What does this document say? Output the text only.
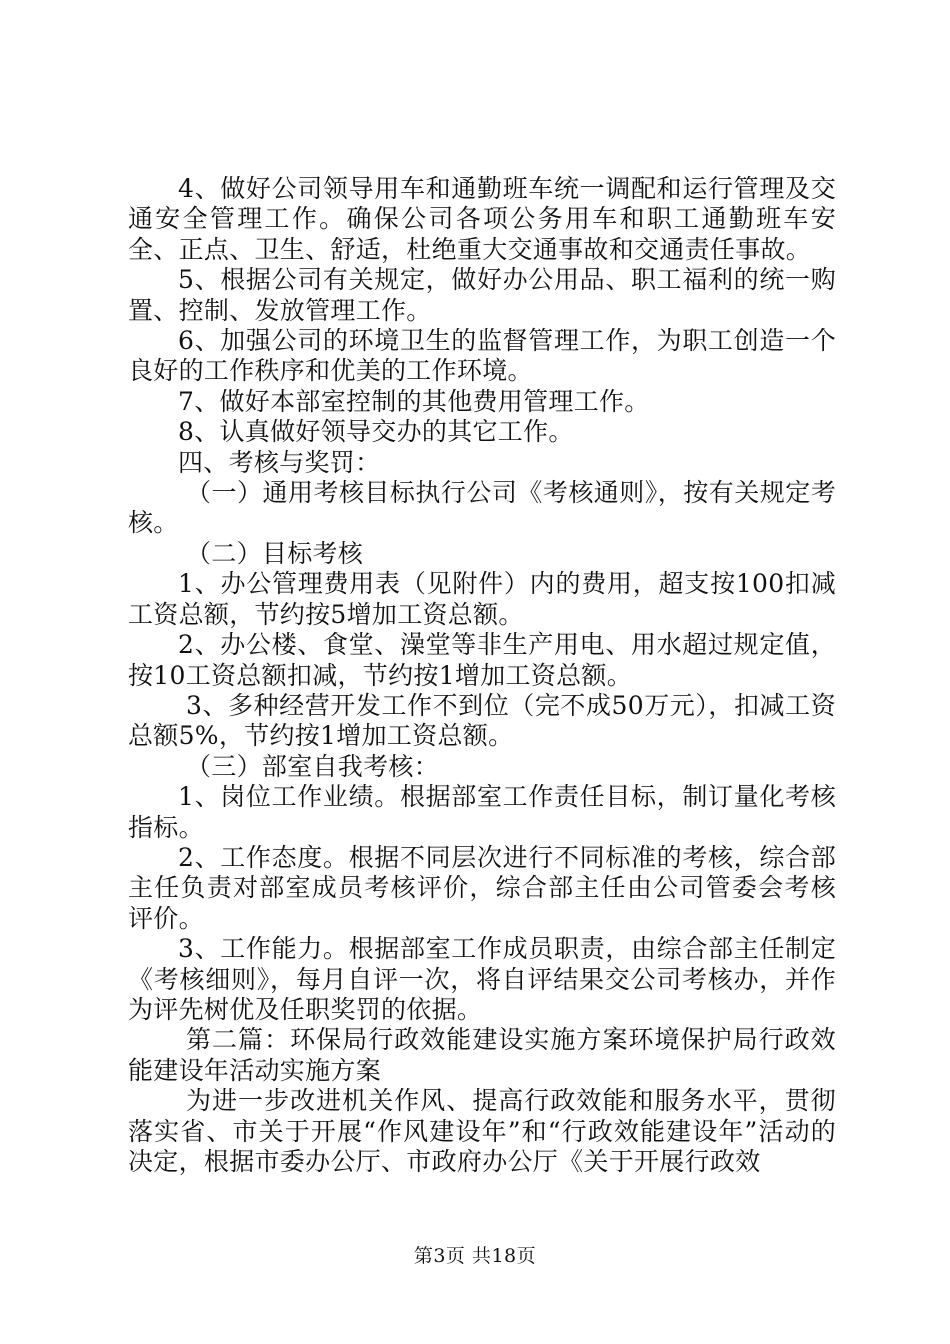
4、做好公司领导用车和通勤班车统一调配和运行管理及交通安全管理工作。确保公司各项公务用车和职工通勤班车安全、正点、卫生、舒适，杜绝重大交通事故和交通责任事故。

5、根据公司有关规定，做好办公用品、职工福利的统一购置、控制、发放管理工作。

6、加强公司的环境卫生的监督管理工作，为职工创造一个良好的工作秩序和优美的工作环境。

7、做好本部室控制的其他费用管理工作。

8、认真做好领导交办的其它工作。

四、考核与奖罚：

（一）通用考核目标执行公司《考核通则》，按有关规定考核。

（二）目标考核

1、办公管理费用表（见附件）内的费用，超支按100扣减工资总额，节约按5增加工资总额。

2、办公楼、食堂、澡堂等非生产用电、用水超过规定值，按10工资总额扣减，节约按1增加工资总额。

3、多种经营开发工作不到位（完不成50万元），扣减工资总额5%，节约按1增加工资总额。

（三）部室自我考核：

1、岗位工作业绩。根据部室工作责任目标，制订量化考核指标。

2、工作态度。根据不同层次进行不同标准的考核，综合部主任负责对部室成员考核评价，综合部主任由公司管委会考核评价。

3、工作能力。根据部室工作成员职责，由综合部主任制定《考核细则》，每月自评一次，将自评结果交公司考核办，并作为评先树优及任职奖罚的依据。

第二篇：环保局行政效能建设实施方案环境保护局行政效能建设年活动实施方案

为进一步改进机关作风、提高行政效能和服务水平，贯彻落实省、市关于开展“作风建设年”和“行政效能建设年”活动的决定，根据市委办公厅、市政府办公厅《关于开展行政效

第3页 共18页
